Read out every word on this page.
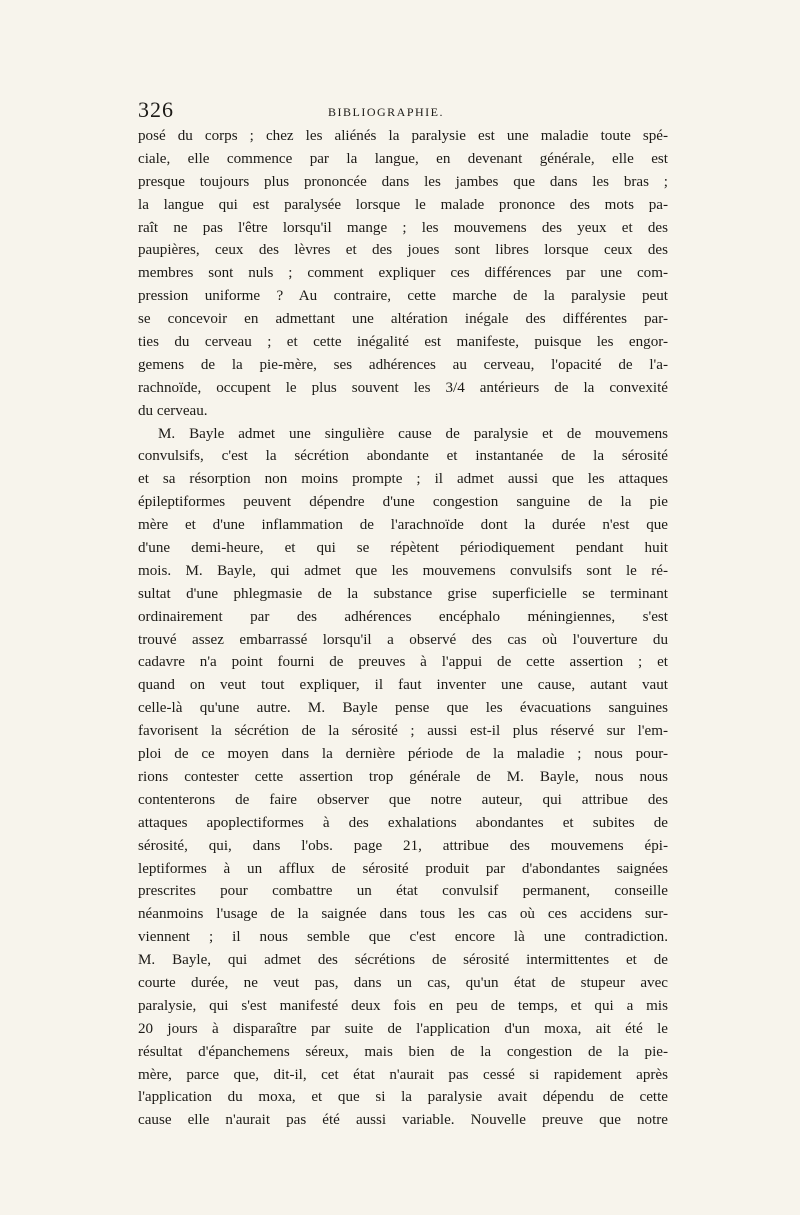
326	BIBLIOGRAPHIE.
posé du corps ; chez les aliénés la paralysie est une maladie toute spé-
ciale, elle commence par la langue, en devenant générale, elle est
presque toujours plus prononcée dans les jambes que dans les bras ;
la langue qui est paralysée lorsque le malade prononce des mots pa-
raît ne pas l'être lorsqu'il mange ; les mouvemens des yeux et des
paupières, ceux des lèvres et des joues sont libres lorsque ceux des
membres sont nuls ; comment expliquer ces différences par une com-
pression uniforme ? Au contraire, cette marche de la paralysie peut
se concevoir en admettant une altération inégale des différentes par-
ties du cerveau ; et cette inégalité est manifeste, puisque les engor-
gemens de la pie-mère, ses adhérences au cerveau, l'opacité de l'a-
rachnoïde, occupent le plus souvent les 3/4 antérieurs de la convexité
du cerveau.
M. Bayle admet une singulière cause de paralysie et de mouvemens
convulsifs, c'est la sécrétion abondante et instantanée de la sérosité
et sa résorption non moins prompte ; il admet aussi que les attaques
épileptiformes peuvent dépendre d'une congestion sanguine de la pie
mère et d'une inflammation de l'arachnoïde dont la durée n'est que
d'une demi-heure, et qui se répètent périodiquement pendant huit
mois. M. Bayle, qui admet que les mouvemens convulsifs sont le ré-
sultat d'une phlegmasie de la substance grise superficielle se terminant
ordinairement par des adhérences encéphalo méningiennes, s'est
trouvé assez embarrassé lorsqu'il a observé des cas où l'ouverture du
cadavre n'a point fourni de preuves à l'appui de cette assertion ; et
quand on veut tout expliquer, il faut inventer une cause, autant vaut
celle-là qu'une autre. M. Bayle pense que les évacuations sanguines
favorisent la sécrétion de la sérosité ; aussi est-il plus réservé sur l'em-
ploi de ce moyen dans la dernière période de la maladie ; nous pour-
rions contester cette assertion trop générale de M. Bayle, nous nous
contenterons de faire observer que notre auteur, qui attribue des
attaques apoplectiformes à des exhalations abondantes et subites de
sérosité, qui, dans l'obs. page 21, attribue des mouvemens épi-
leptiformes à un afflux de sérosité produit par d'abondantes saignées
prescrites pour combattre un état convulsif permanent, conseille
néanmoins l'usage de la saignée dans tous les cas où ces accidens sur-
viennent ; il nous semble que c'est encore là une contradiction.
M. Bayle, qui admet des sécrétions de sérosité intermittentes et de
courte durée, ne veut pas, dans un cas, qu'un état de stupeur avec
paralysie, qui s'est manifesté deux fois en peu de temps, et qui a mis
20 jours à disparaître par suite de l'application d'un moxa, ait été le
résultat d'épanchemens séreux, mais bien de la congestion de la pie-
mère, parce que, dit-il, cet état n'aurait pas cessé si rapidement après
l'application du moxa, et que si la paralysie avait dépendu de cette
cause elle n'aurait pas été aussi variable. Nouvelle preuve que notre
